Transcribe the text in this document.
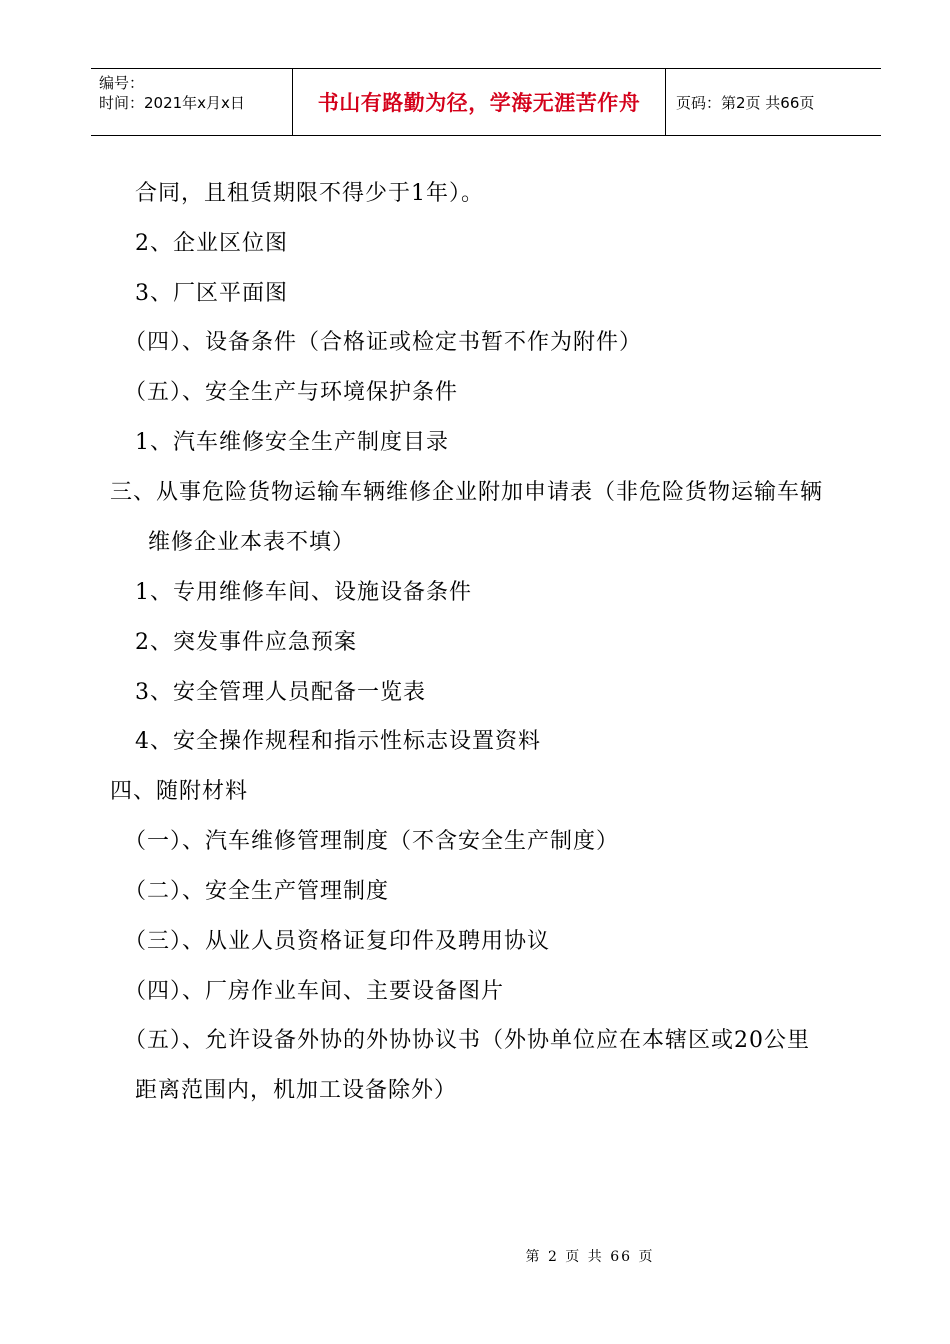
编号：
时间：2021年x月x日	书山有路勤为径，学海无涯苦作舟	页码：第2页 共66页
合同，且租赁期限不得少于1年）。
2、企业区位图
3、厂区平面图
（四）、设备条件（合格证或检定书暂不作为附件）
（五）、安全生产与环境保护条件
1、汽车维修安全生产制度目录
三、从事危险货物运输车辆维修企业附加申请表（非危险货物运输车辆
维修企业本表不填）
1、专用维修车间、设施设备条件
2、突发事件应急预案
3、安全管理人员配备一览表
4、安全操作规程和指示性标志设置资料
四、随附材料
（一）、汽车维修管理制度（不含安全生产制度）
（二）、安全生产管理制度
（三）、从业人员资格证复印件及聘用协议
（四）、厂房作业车间、主要设备图片
（五）、允许设备外协的外协协议书（外协单位应在本辖区或20公里
距离范围内，机加工设备除外）
第 2 页 共 66 页
